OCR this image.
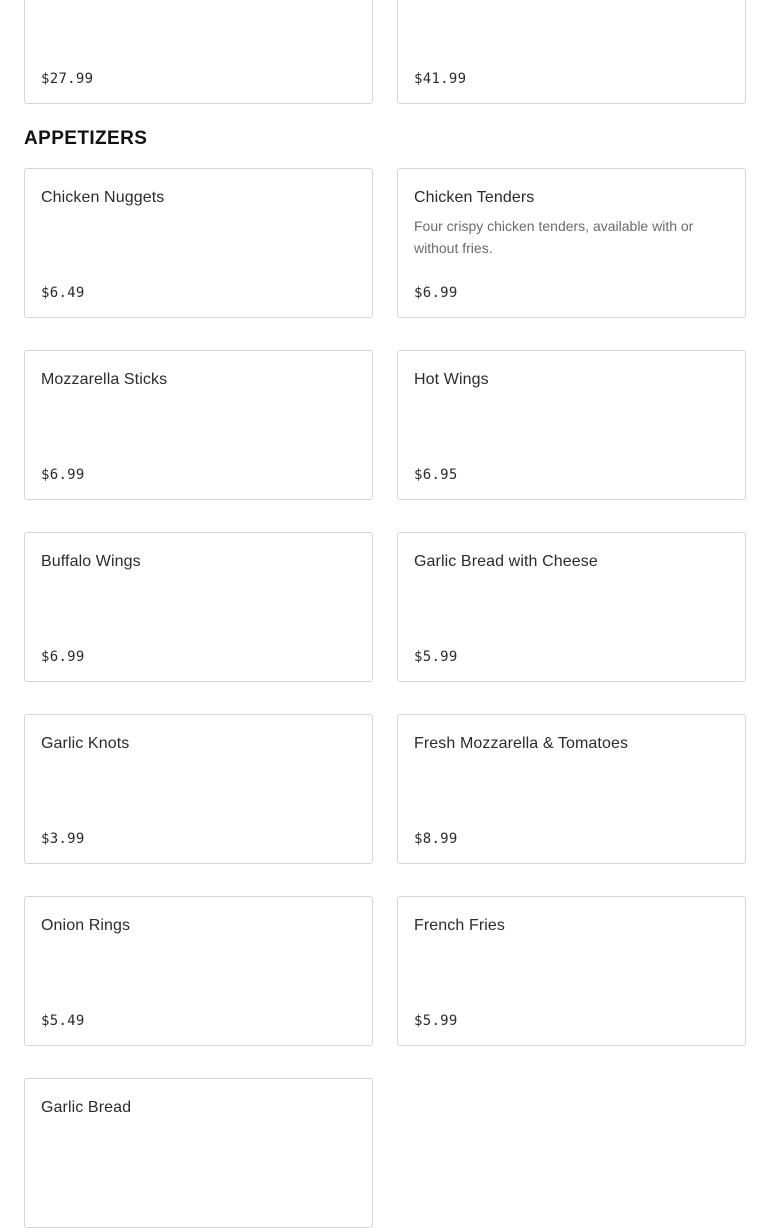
$27.99	$41.99
APPETIZERS
Chicken Nuggets
$6.49
Chicken Tenders
Four crispy chicken tenders, available with or without fries.
$6.99
Mozzarella Sticks
$6.99
Hot Wings
$6.95
Buffalo Wings
$6.99
Garlic Bread with Cheese
$5.99
Garlic Knots
$3.99
Fresh Mozzarella & Tomatoes
$8.99
Onion Rings
$5.49
French Fries
$5.99
Garlic Bread
